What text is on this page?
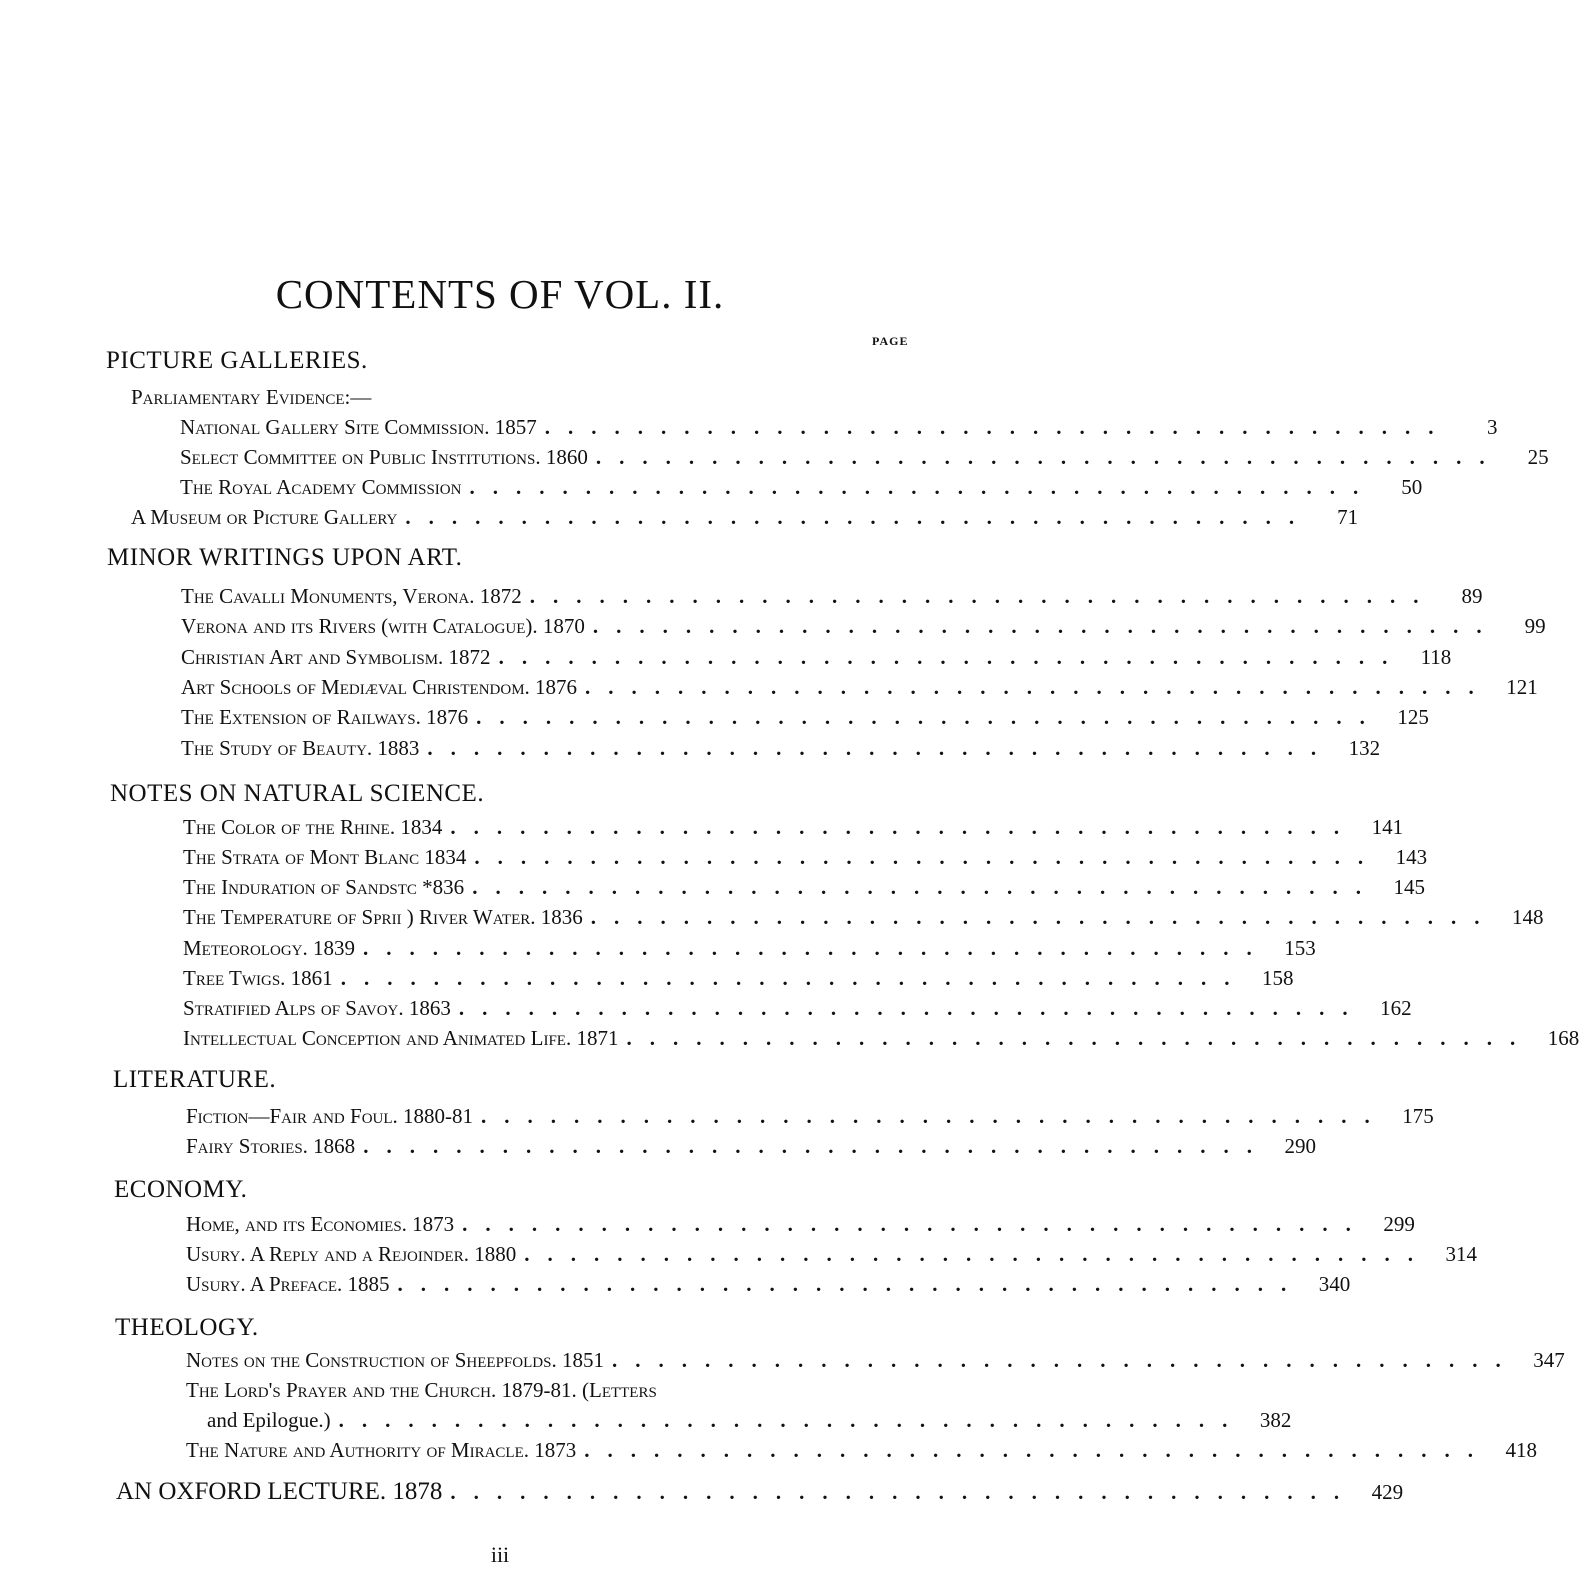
CONTENTS OF VOL. II.
PAGE
PICTURE GALLERIES.
Parliamentary Evidence:—
National Gallery Site Commission. 1857 .......................................	3
Select Committee on Public Institutions. 1860 .......................................	25
The Royal Academy Commission .......................................	50
A Museum or Picture Gallery .......................................	71
MINOR WRITINGS UPON ART.
The Cavalli Monuments, Verona. 1872 .......................................	89
Verona and its Rivers (with Catalogue). 1870 .......................................	99
Christian Art and Symbolism. 1872 ....................................... 118
Art Schools of Mediæval Christendom. 1876 ....................................... 121
The Extension of Railways. 1876 ....................................... 125
The Study of Beauty. 1883 ....................................... 132
NOTES ON NATURAL SCIENCE.
The Color of the Rhine. 1834 ....................................... 141
The Strata of Mont Blanc 1834 ....................................... 143
The Induration of Sandstc *836 ....................................... 145
The Temperature of Sprii ) River Water. 1836 ....................................... 148
Meteorology. 1839 ....................................... 153
Tree Twigs. 1861 ....................................... 158
Stratified Alps of Savoy. 1863 ....................................... 162
Intellectual Conception and Animated Life. 1871 ....................................... 168
LITERATURE.
Fiction—Fair and Foul. 1880-81 ....................................... 175
Fairy Stories. 1868 ....................................... 290
ECONOMY.
Home, and its Economies. 1873 ....................................... 299
Usury. A Reply and a Rejoinder. 1880 ....................................... 314
Usury. A Preface. 1885 ....................................... 340
THEOLOGY.
Notes on the Construction of Sheepfolds. 1851 ....................................... 347
The Lord's Prayer and the Church. 1879-81. (Letters
and Epilogue.) ....................................... 382
The Nature and Authority of Miracle. 1873 ....................................... 418
AN OXFORD LECTURE. 1878 ....................................... 429
iii
